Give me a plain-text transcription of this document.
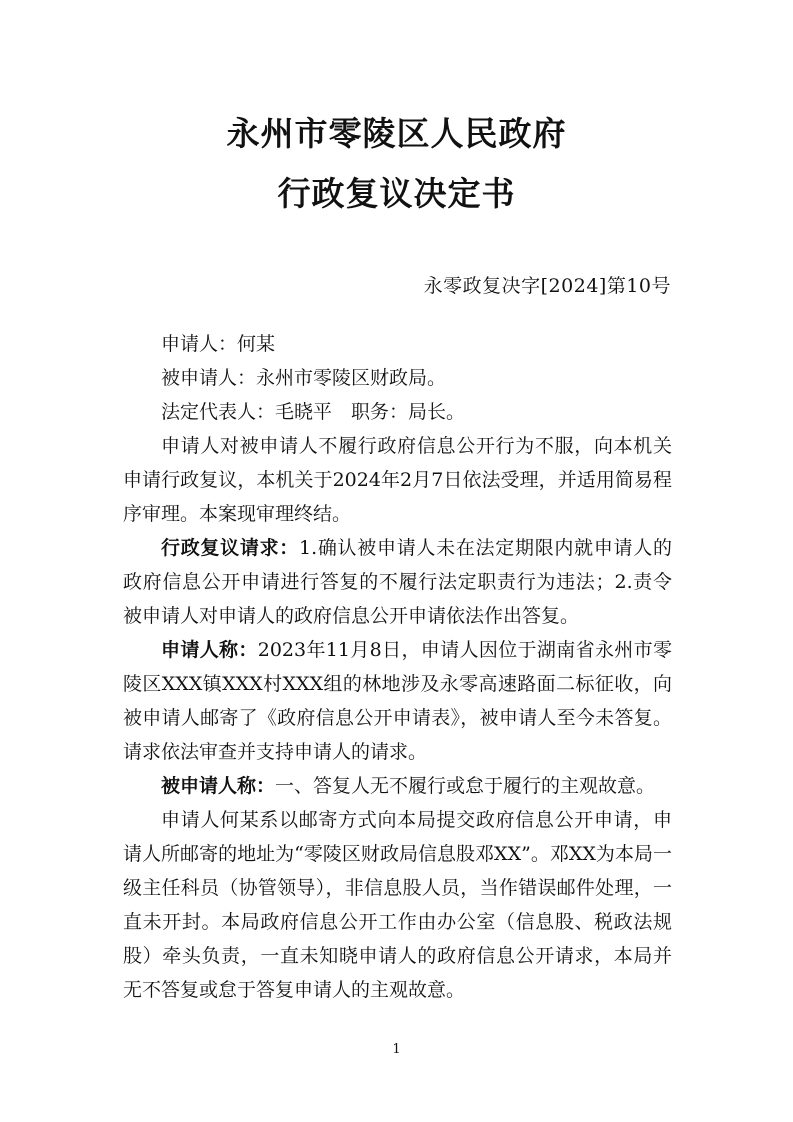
永州市零陵区人民政府
行政复议决定书
永零政复决字[2024]第10号

申请人：何某

被申请人：永州市零陵区财政局。

法定代表人：毛晓平　职务：局长。

申请人对被申请人不履行政府信息公开行为不服，向本机关申请行政复议，本机关于2024年2月7日依法受理，并适用简易程序审理。本案现审理终结。

行政复议请求：1.确认被申请人未在法定期限内就申请人的政府信息公开申请进行答复的不履行法定职责行为违法；2.责令被申请人对申请人的政府信息公开申请依法作出答复。

申请人称：2023年11月8日，申请人因位于湖南省永州市零陵区XXX镇XXX村XXX组的林地涉及永零高速路面二标征收，向被申请人邮寄了《政府信息公开申请表》，被申请人至今未答复。请求依法审查并支持申请人的请求。

被申请人称：一、答复人无不履行或怠于履行的主观故意。

申请人何某系以邮寄方式向本局提交政府信息公开申请，申请人所邮寄的地址为“零陵区财政局信息股邓XX”。邓XX为本局一级主任科员（协管领导），非信息股人员，当作错误邮件处理，一直未开封。本局政府信息公开工作由办公室（信息股、税政法规股）牵头负责，一直未知晓申请人的政府信息公开请求，本局并无不答复或怠于答复申请人的主观故意。

1
